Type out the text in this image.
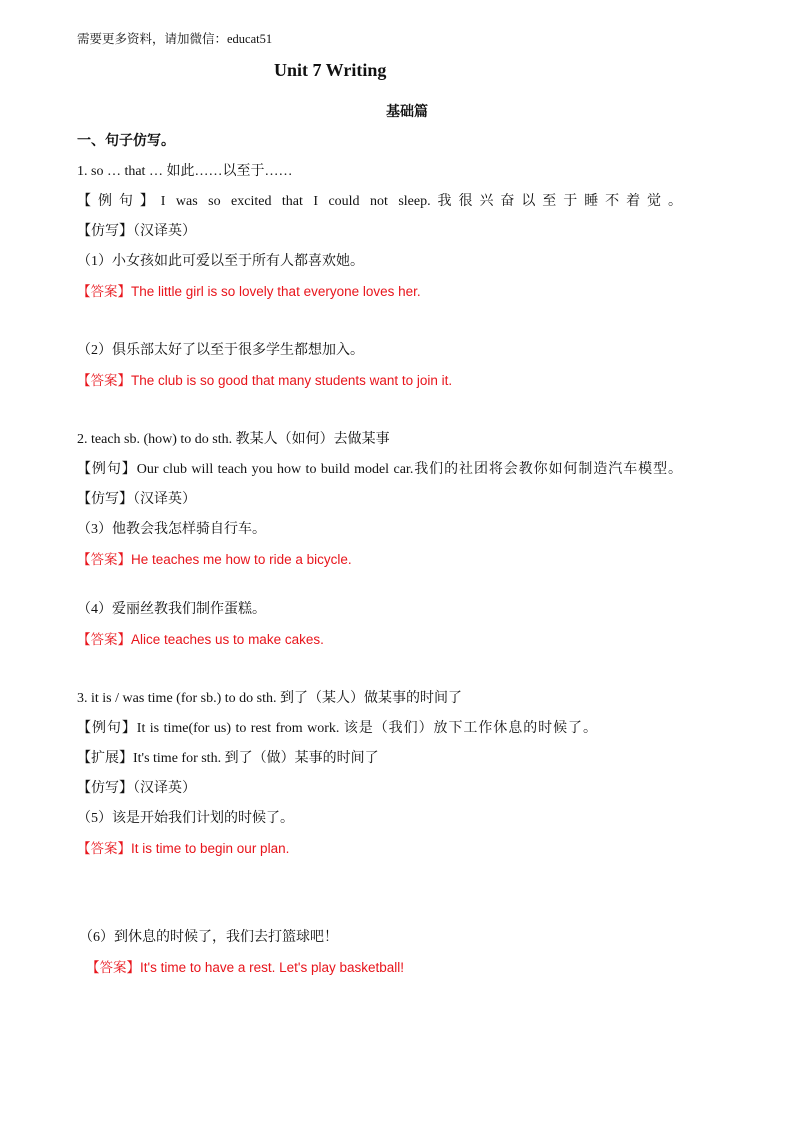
需要更多资料，请加微信：educat51
Unit 7 Writing
基础篇
一、句子仿写。
1. so … that … 如此……以至于……
【例句】I was so excited that I could not sleep.我很兴奋以至于睡不着觉。
【仿写】（汉译英）
（1）小女孩如此可爱以至于所有人都喜欢她。
【答案】The little girl is so lovely that everyone loves her.
（2）俱乐部太好了以至于很多学生都想加入。
【答案】The club is so good that many students want to join it.
2. teach sb. (how) to do sth. 教某人（如何）去做某事
【例句】Our club will teach you how to build model car.我们的社团将会教你如何制造汽车模型。
【仿写】（汉译英）
（3）他教会我怎样骑自行车。
【答案】He teaches me how to ride a bicycle.
（4）爱丽丝教我们制作蛋糕。
【答案】Alice teaches us to make cakes.
3. it is / was time (for sb.) to do sth. 到了（某人）做某事的时间了
【例句】It is time(for us) to rest from work. 该是（我们）放下工作休息的时候了。
【扩展】It's time for sth. 到了（做）某事的时间了
【仿写】（汉译英）
（5）该是开始我们计划的时候了。
【答案】It is time to begin our plan.
（6）到休息的时候了，我们去打篮球吧！
【答案】It's time to have a rest. Let's play basketball!
